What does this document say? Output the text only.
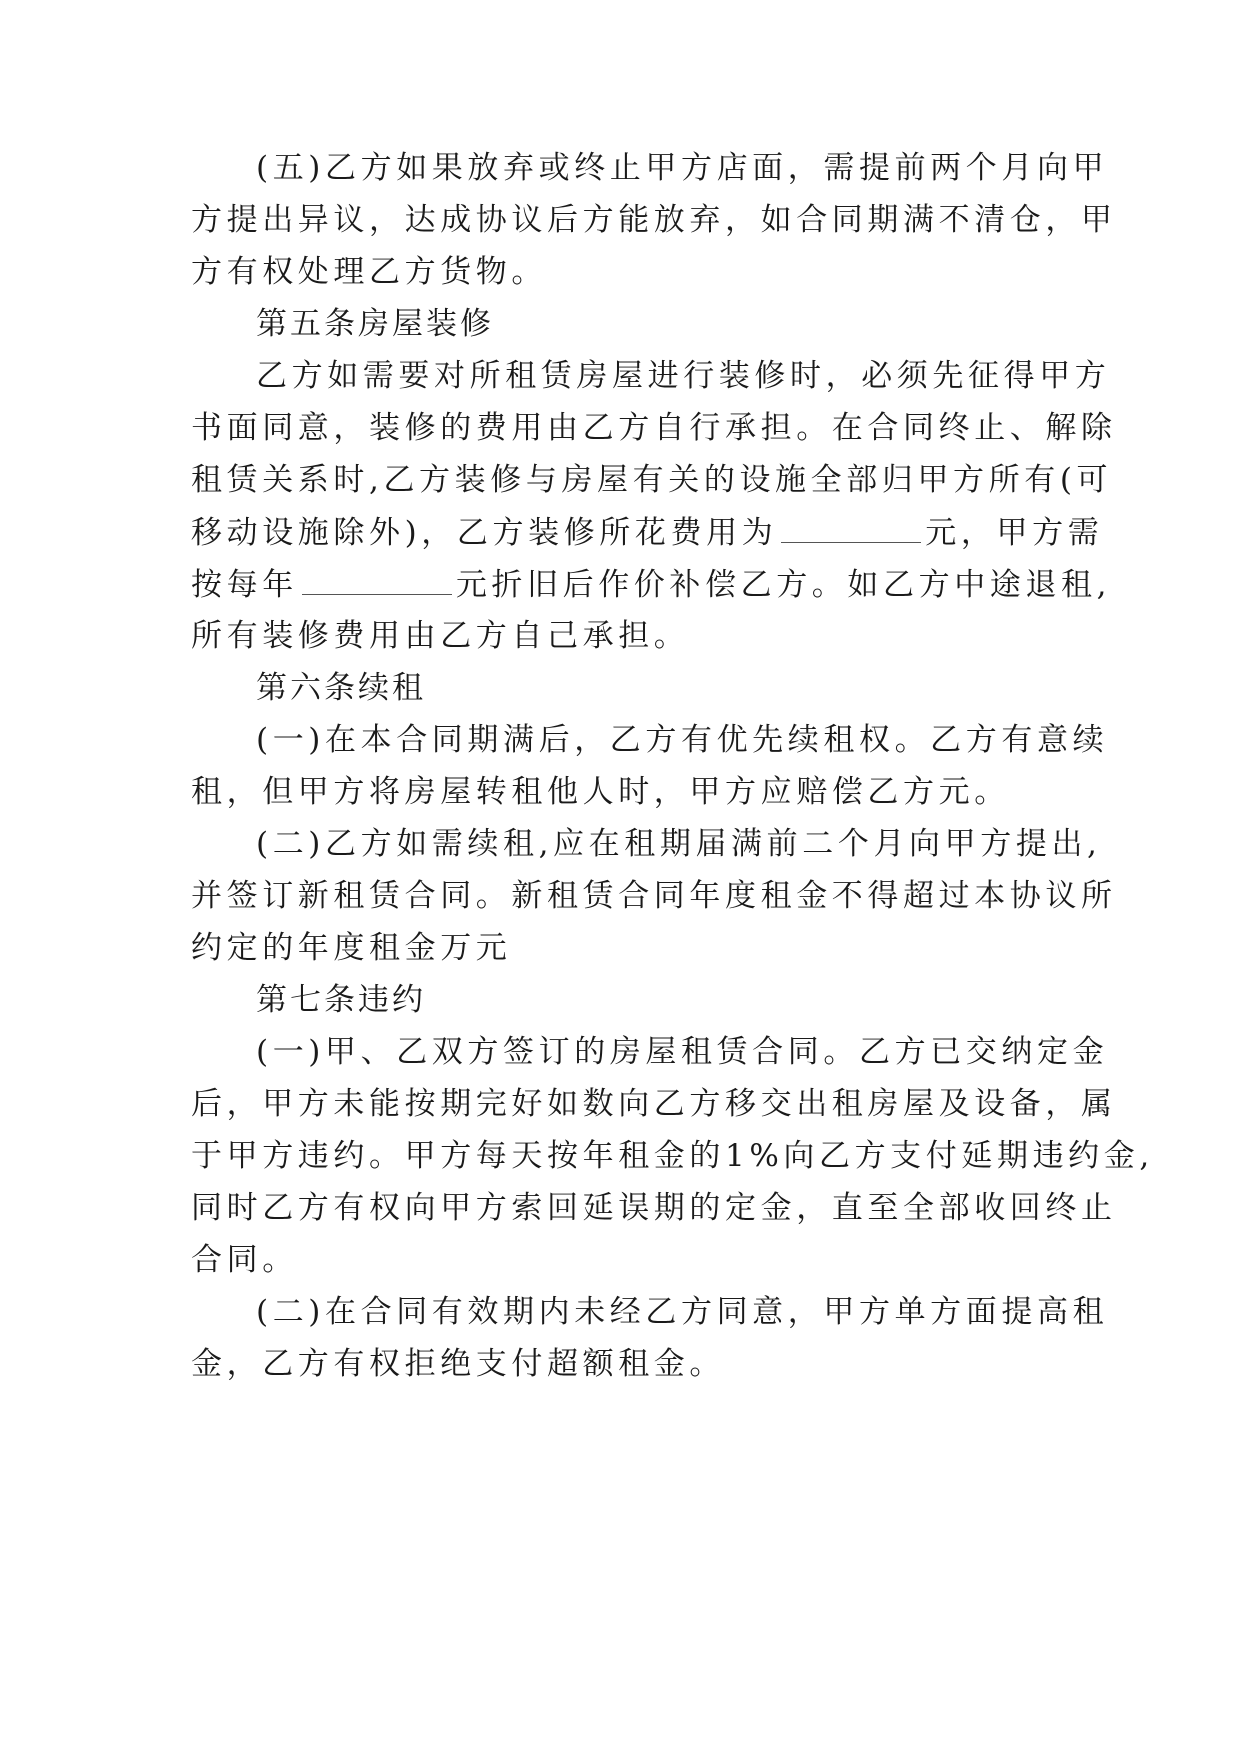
(五)乙方如果放弃或终止甲方店面，需提前两个月向甲
方提出异议，达成协议后方能放弃，如合同期满不清仓，甲
方有权处理乙方货物。
第五条房屋装修
乙方如需要对所租赁房屋进行装修时，必须先征得甲方
书面同意，装修的费用由乙方自行承担。在合同终止、解除
租赁关系时,乙方装修与房屋有关的设施全部归甲方所有(可
移动设施除外)，乙方装修所花费用为	元，甲方需
按每年	元折旧后作价补偿乙方。如乙方中途退租,
所有装修费用由乙方自己承担。
第六条续租
(一)在本合同期满后，乙方有优先续租权。乙方有意续
租，但甲方将房屋转租他人时，甲方应赔偿乙方元。
(二)乙方如需续租,应在租期届满前二个月向甲方提出,
并签订新租赁合同。新租赁合同年度租金不得超过本协议所
约定的年度租金万元
第七条违约
(一)甲、乙双方签订的房屋租赁合同。乙方已交纳定金
后，甲方未能按期完好如数向乙方移交出租房屋及设备，属
于甲方违约。甲方每天按年租金的1%向乙方支付延期违约金,
同时乙方有权向甲方索回延误期的定金，直至全部收回终止
合同。
(二)在合同有效期内未经乙方同意，甲方单方面提高租
金，乙方有权拒绝支付超额租金。
